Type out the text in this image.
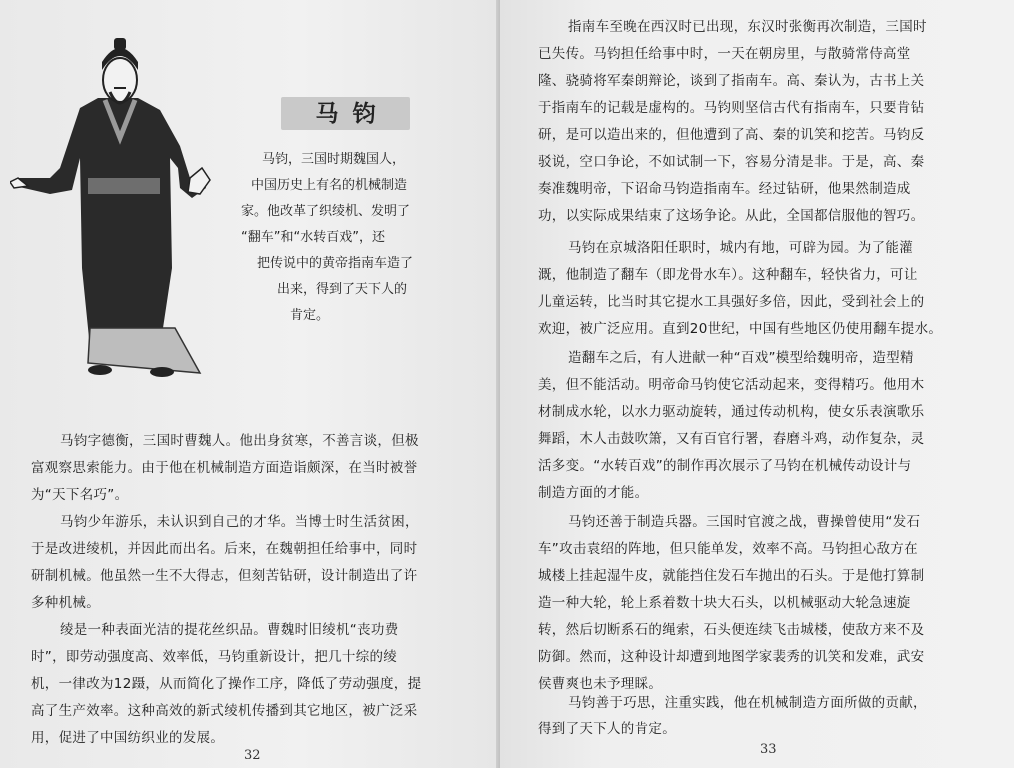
马钧
马钧，三国时期魏国人，
中国历史上有名的机械制造
家。他改革了织绫机、发明了
“翻车”和“水转百戏”，还
把传说中的黄帝指南车造了
出来，得到了天下人的
肯定。
马钧字德衡，三国时曹魏人。他出身贫寒，不善言谈，但极
富观察思索能力。由于他在机械制造方面造诣颇深，在当时被誉
为“天下名巧”。
马钧少年游乐，未认识到自己的才华。当博士时生活贫困，
于是改进绫机，并因此而出名。后来，在魏朝担任给事中，同时
研制机械。他虽然一生不大得志，但刻苦钻研，设计制造出了许
多种机械。
绫是一种表面光洁的提花丝织品。曹魏时旧绫机“丧功费
时”，即劳动强度高、效率低，马钧重新设计，把几十综的绫
机，一律改为12蹑，从而简化了操作工序，降低了劳动强度，提
高了生产效率。这种高效的新式绫机传播到其它地区，被广泛采
用，促进了中国纺织业的发展。
32
指南车至晚在西汉时已出现，东汉时张衡再次制造，三国时
已失传。马钧担任给事中时，一天在朝房里，与散骑常侍高堂
隆、骁骑将军秦朗辩论，谈到了指南车。高、秦认为，古书上关
于指南车的记载是虚构的。马钧则坚信古代有指南车，只要肯钻
研，是可以造出来的，但他遭到了高、秦的讥笑和挖苦。马钧反
驳说，空口争论，不如试制一下，容易分清是非。于是，高、秦
奏准魏明帝，下诏命马钧造指南车。经过钻研，他果然制造成
功，以实际成果结束了这场争论。从此，全国都信服他的智巧。
马钧在京城洛阳任职时，城内有地，可辟为园。为了能灌
溉，他制造了翻车（即龙骨水车）。这种翻车，轻快省力，可让
儿童运转，比当时其它提水工具强好多倍，因此，受到社会上的
欢迎，被广泛应用。直到20世纪，中国有些地区仍使用翻车提水。
造翻车之后，有人进献一种“百戏”模型给魏明帝，造型精
美，但不能活动。明帝命马钧使它活动起来，变得精巧。他用木
材制成水轮，以水力驱动旋转，通过传动机构，使女乐表演歌乐
舞蹈，木人击鼓吹箫，又有百官行署，舂磨斗鸡，动作复杂，灵
活多变。“水转百戏”的制作再次展示了马钧在机械传动设计与
制造方面的才能。
马钧还善于制造兵器。三国时官渡之战，曹操曾使用“发石
车”攻击袁绍的阵地，但只能单发，效率不高。马钧担心敌方在
城楼上挂起湿牛皮，就能挡住发石车抛出的石头。于是他打算制
造一种大轮，轮上系着数十块大石头，以机械驱动大轮急速旋
转，然后切断系石的绳索，石头便连续飞击城楼，使敌方来不及
防御。然而，这种设计却遭到地图学家裴秀的讥笑和发难，武安
侯曹爽也未予理睬。
马钧善于巧思，注重实践，他在机械制造方面所做的贡献，
得到了天下人的肯定。
33
